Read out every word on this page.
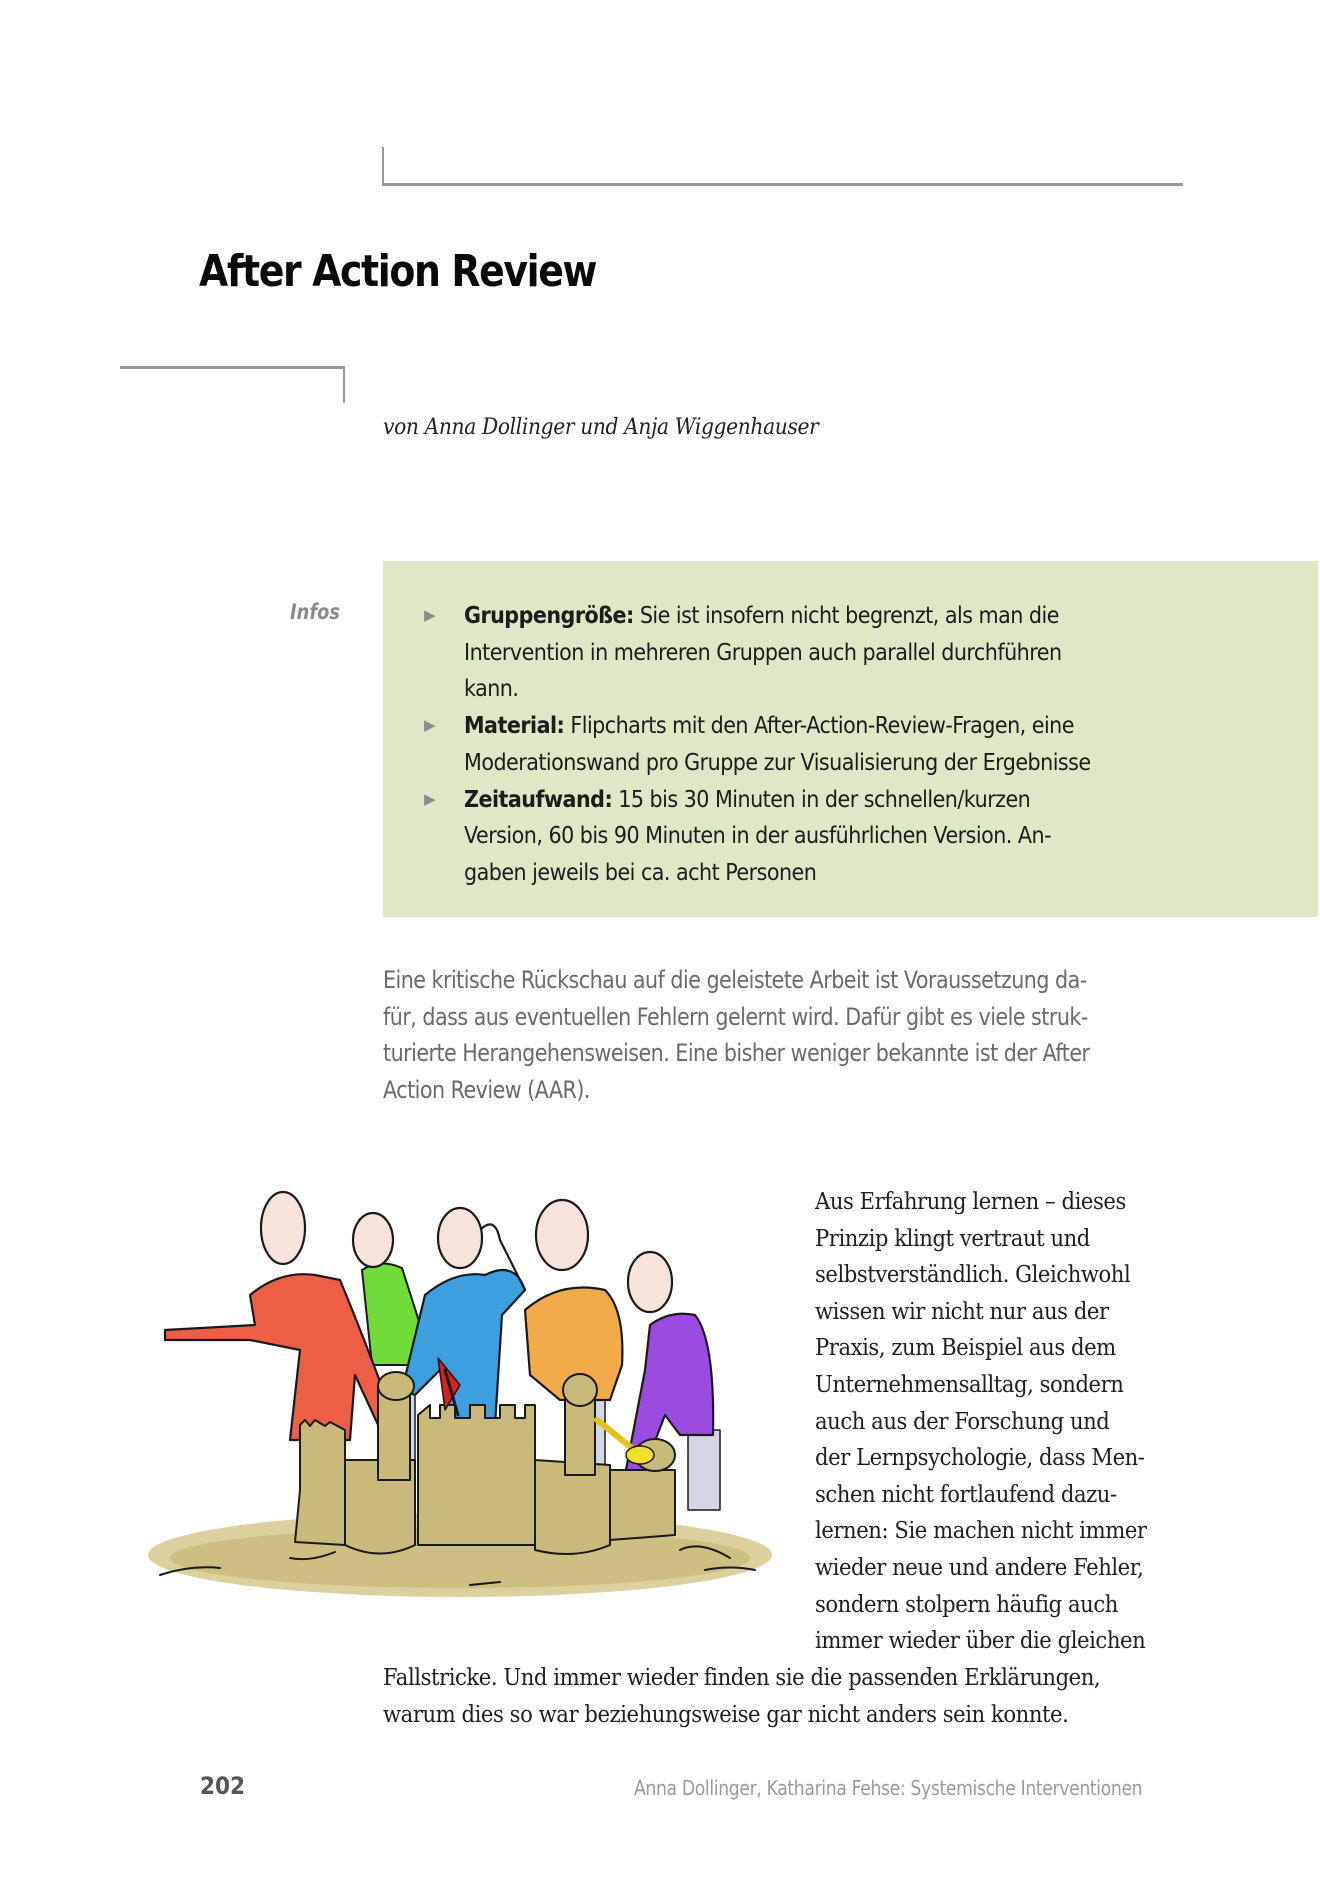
After Action Review
von Anna Dollinger und Anja Wiggenhauser
Infos	▶ Gruppengröße: Sie ist insofern nicht begrenzt, als man die
Intervention in mehreren Gruppen auch parallel durchführen
kann.
▶ Material: Flipcharts mit den After-Action-Review-Fragen, eine
Moderationswand pro Gruppe zur Visualisierung der Ergebnisse
▶ Zeitaufwand: 15 bis 30 Minuten in der schnellen/kurzen
Version, 60 bis 90 Minuten in der ausführlichen Version. An-
gaben jeweils bei ca. acht Personen
Eine kritische Rückschau auf die geleistete Arbeit ist Voraussetzung da-
für, dass aus eventuellen Fehlern gelernt wird. Dafür gibt es viele struk-
turierte Herangehensweisen. Eine bisher weniger bekannte ist der After
Action Review (AAR).
Aus Erfahrung lernen – dieses
Prinzip klingt vertraut und
selbstverständlich. Gleichwohl
wissen wir nicht nur aus der
Praxis, zum Beispiel aus dem
Unternehmensalltag, sondern
auch aus der Forschung und
der Lernpsychologie, dass Men-
schen nicht fortlaufend dazu-
lernen: Sie machen nicht immer
wieder neue und andere Fehler,
sondern stolpern häufig auch
immer wieder über die gleichen
Fallstricke. Und immer wieder finden sie die passenden Erklärungen,
warum dies so war beziehungsweise gar nicht anders sein konnte.
202	Anna Dollinger, Katharina Fehse: Systemische Interventionen
